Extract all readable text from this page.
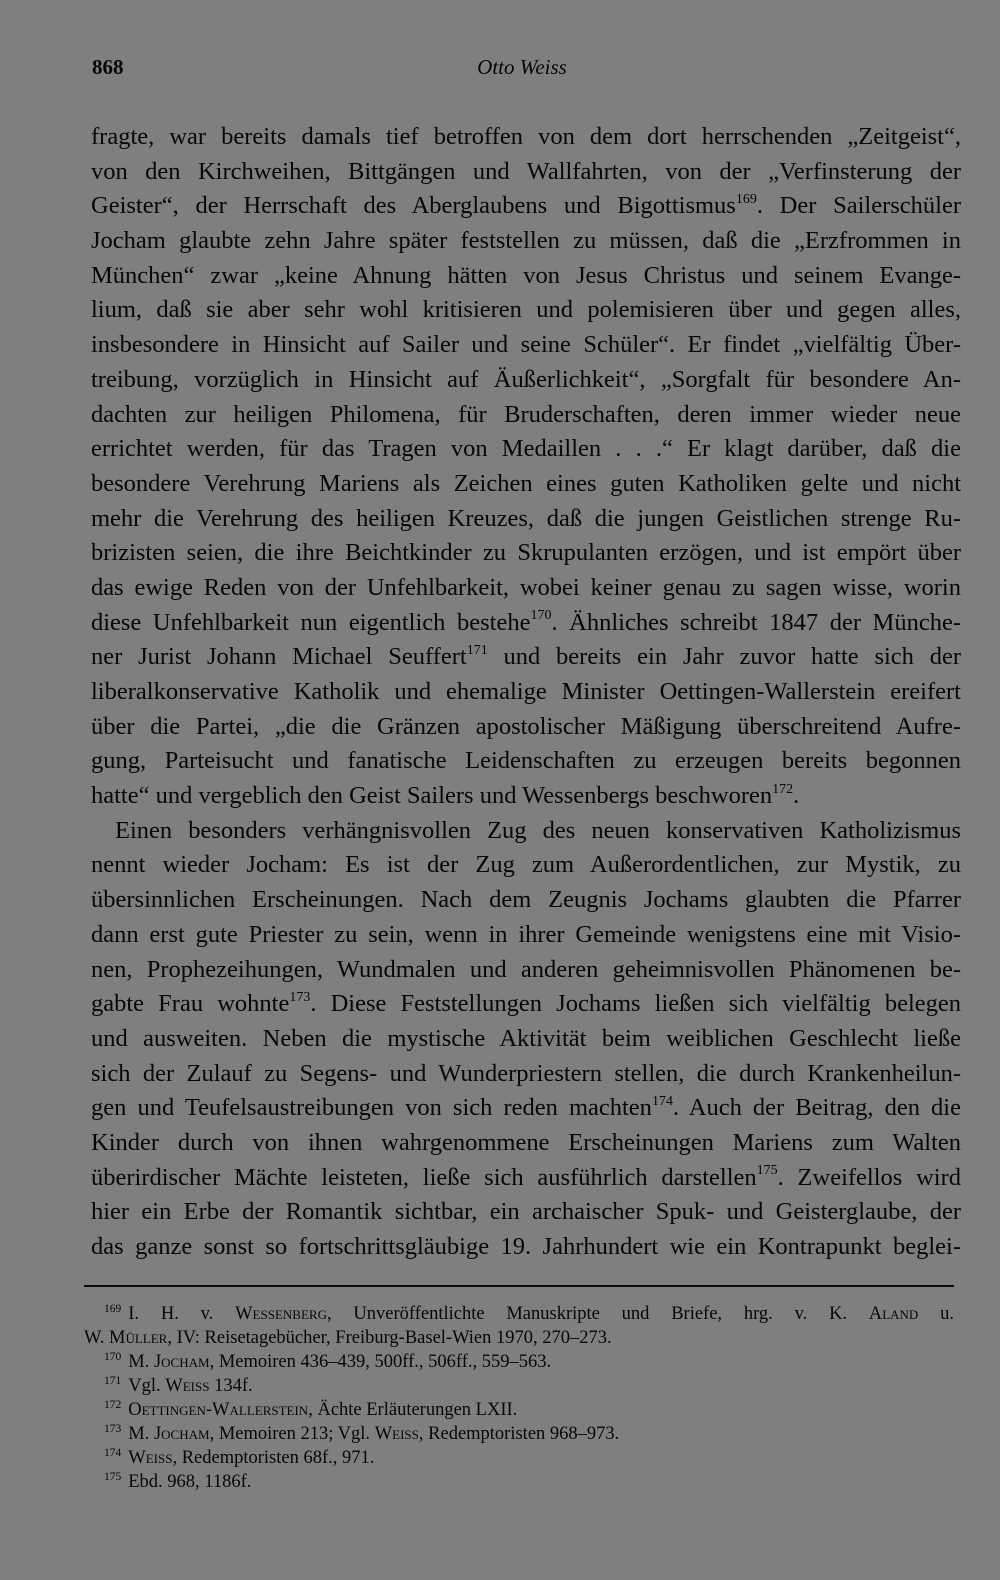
868	Otto Weiss
fragte, war bereits damals tief betroffen von dem dort herrschenden „Zeitgeist“,
von den Kirchweihen, Bittgängen und Wallfahrten, von der „Verfinsterung der
Geister“, der Herrschaft des Aberglaubens und Bigottismus$^{169}$. Der Sailerschüler
Jocham glaubte zehn Jahre später feststellen zu müssen, daß die „Erzfrommen in
München“ zwar „keine Ahnung hätten von Jesus Christus und seinem Evange-
lium, daß sie aber sehr wohl kritisieren und polemisieren über und gegen alles,
insbesondere in Hinsicht auf Sailer und seine Schüler“. Er findet „vielfältig Über-
treibung, vorzüglich in Hinsicht auf Äußerlichkeit“, „Sorgfalt für besondere An-
dachten zur heiligen Philomena, für Bruderschaften, deren immer wieder neue
errichtet werden, für das Tragen von Medaillen . . .“ Er klagt darüber, daß die
besondere Verehrung Mariens als Zeichen eines guten Katholiken gelte und nicht
mehr die Verehrung des heiligen Kreuzes, daß die jungen Geistlichen strenge Ru-
brizisten seien, die ihre Beichtkinder zu Skrupulanten erzögen, und ist empört über
das ewige Reden von der Unfehlbarkeit, wobei keiner genau zu sagen wisse, worin
diese Unfehlbarkeit nun eigentlich bestehe$^{170}$. Ähnliches schreibt 1847 der Münche-
ner Jurist Johann Michael Seuffert$^{171}$ und bereits ein Jahr zuvor hatte sich der
liberalkonservative Katholik und ehemalige Minister Oettingen-Wallerstein ereifert
über die Partei, „die die Gränzen apostolischer Mäßigung überschreitend Aufre-
gung, Parteisucht und fanatische Leidenschaften zu erzeugen bereits begonnen
hatte“ und vergeblich den Geist Sailers und Wessenbergs beschworen$^{172}$.
Einen besonders verhängnisvollen Zug des neuen konservativen Katholizismus
nennt wieder Jocham: Es ist der Zug zum Außerordentlichen, zur Mystik, zu
übersinnlichen Erscheinungen. Nach dem Zeugnis Jochams glaubten die Pfarrer
dann erst gute Priester zu sein, wenn in ihrer Gemeinde wenigstens eine mit Visio-
nen, Prophezeihungen, Wundmalen und anderen geheimnisvollen Phänomenen be-
gabte Frau wohnte$^{173}$. Diese Feststellungen Jochams ließen sich vielfältig belegen
und ausweiten. Neben die mystische Aktivität beim weiblichen Geschlecht ließe
sich der Zulauf zu Segens- und Wunderpriestern stellen, die durch Krankenheilun-
gen und Teufelsaustreibungen von sich reden machten$^{174}$. Auch der Beitrag, den die
Kinder durch von ihnen wahrgenommene Erscheinungen Mariens zum Walten
überirdischer Mächte leisteten, ließe sich ausführlich darstellen$^{175}$. Zweifellos wird
hier ein Erbe der Romantik sichtbar, ein archaischer Spuk- und Geisterglaube, der
das ganze sonst so fortschrittsgläubige 19. Jahrhundert wie ein Kontrapunkt beglei-
$^{169}$ I. H. v. Wessenberg, Unveröffentlichte Manuskripte und Briefe, hrg. v. K. Aland u.
W. Müller, IV: Reisetagebücher, Freiburg-Basel-Wien 1970, 270–273.
$^{170}$ M. Jocham, Memoiren 436–439, 500ff., 506ff., 559–563.
$^{171}$ Vgl. Weiss 134f.
$^{172}$ Oettingen-Wallerstein, Ächte Erläuterungen LXII.
$^{173}$ M. Jocham, Memoiren 213; Vgl. Weiss, Redemptoristen 968–973.
$^{174}$ Weiss, Redemptoristen 68f., 971.
$^{175}$ Ebd. 968, 1186f.
